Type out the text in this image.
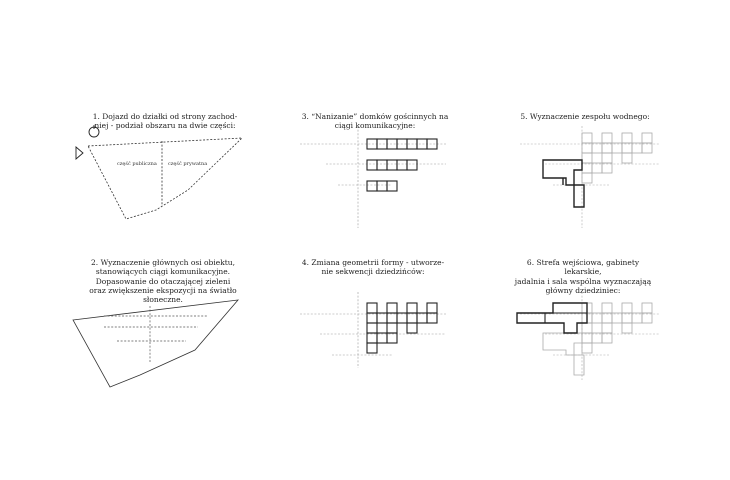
1. Dojazd do działki od strony zachod-
niej - podział obszaru na dwie części:

2. Wyznaczenie głównych osi obiektu,
stanowiących ciągi komunikacyjne.
Dopasowanie do otaczającej zieleni
oraz zwiększenie ekspozycji na światło
słoneczne.

3. “Nanizanie” domków gościnnych na
ciągi komunikacyjne:

4. Zmiana geometrii formy - utworze-
nie sekwencji dziedzińców:

5. Wyznaczenie zespołu wodnego:

6. Strefa wejściowa, gabinety lekarskie,
jadalnia i sala wspólna wyznaczająą
główny dziedziniec:

część publiczna część prywatna
